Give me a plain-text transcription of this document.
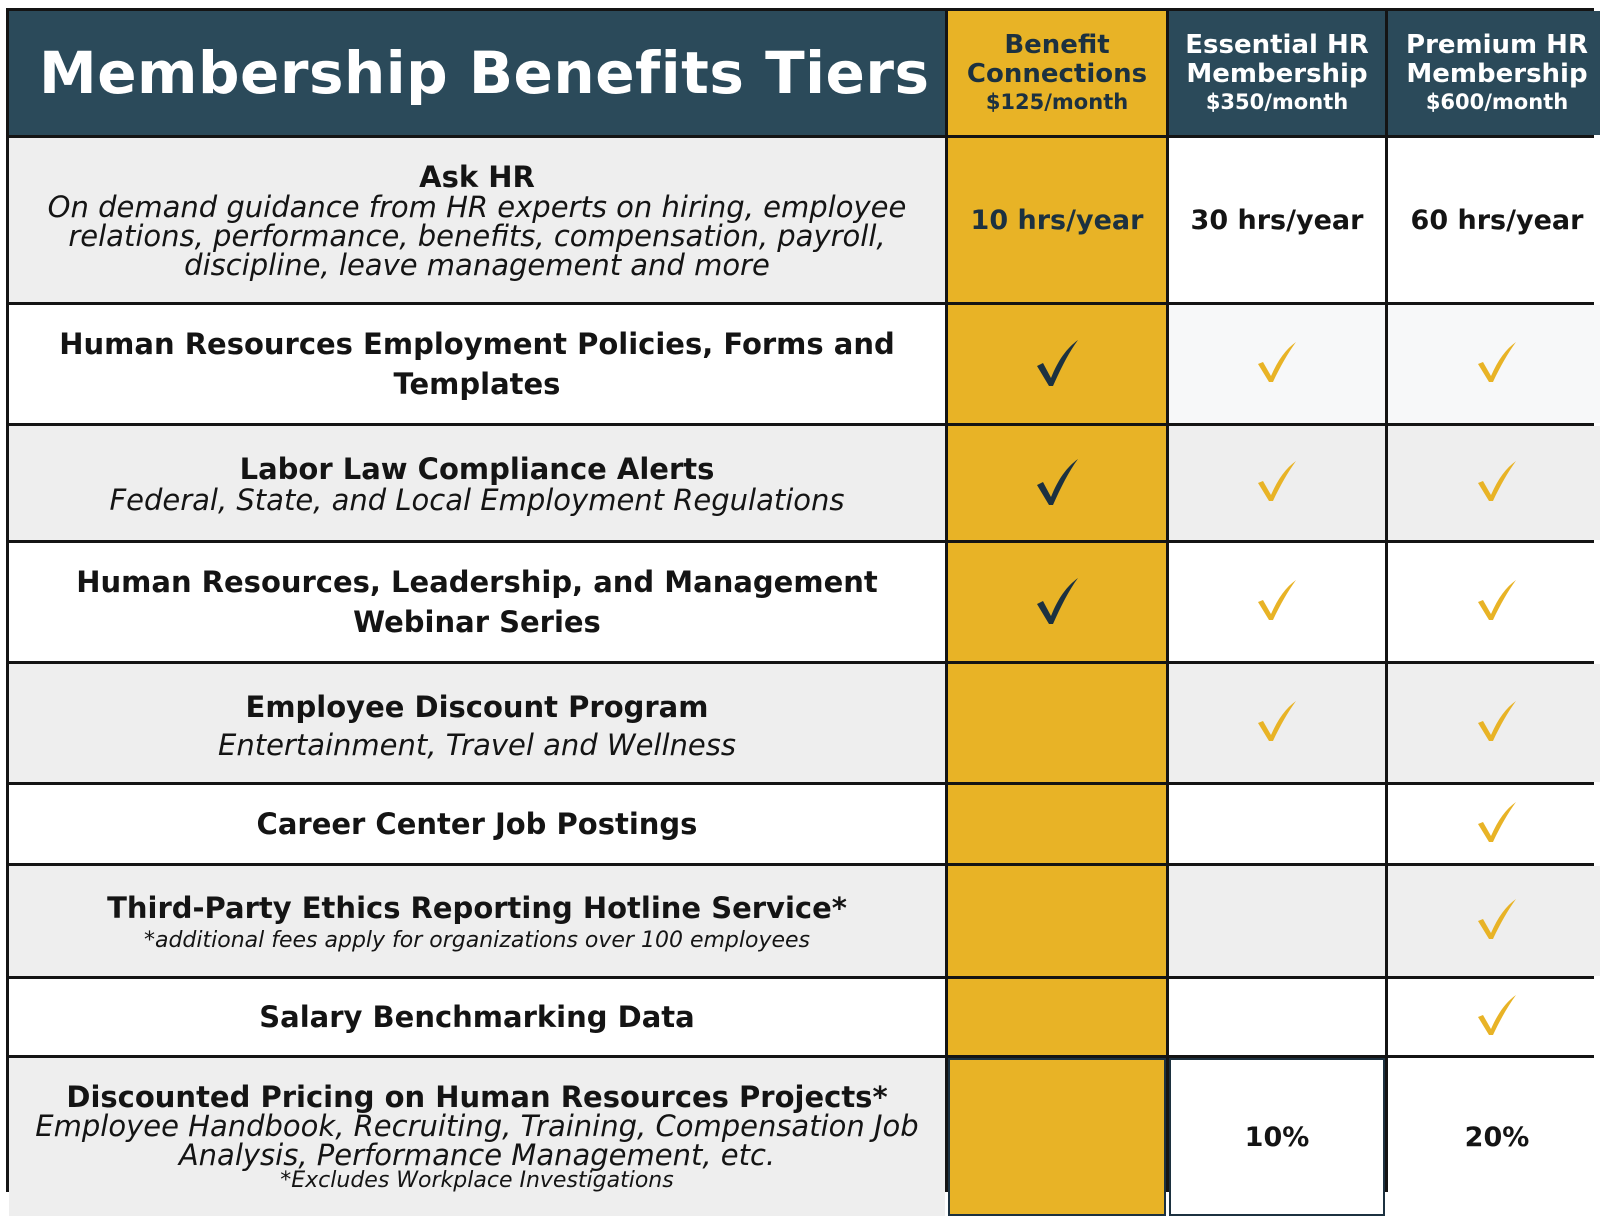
Membership Benefits Tiers	Benefit
Connections
$125/month
Essential HR
Membership
$350/month
Premium HR
Membership
$600/month
Ask HR
On demand guidance from HR experts on hiring, employee relations, performance, benefits, compensation, payroll, discipline, leave management and more
10 hrs/year 30 hrs/year 60 hrs/year
Human Resources Employment Policies, Forms and Templates
Labor Law Compliance Alerts
Federal, State, and Local Employment Regulations
Human Resources, Leadership, and Management Webinar Series
Employee Discount Program
Entertainment, Travel and Wellness
Career Center Job Postings
Third-Party Ethics Reporting Hotline Service*
*additional fees apply for organizations over 100 employees
Salary Benchmarking Data
Discounted Pricing on Human Resources Projects*
Employee Handbook, Recruiting, Training, Compensation Job Analysis, Performance Management, etc.
*Excludes Workplace Investigations
10%	20%
